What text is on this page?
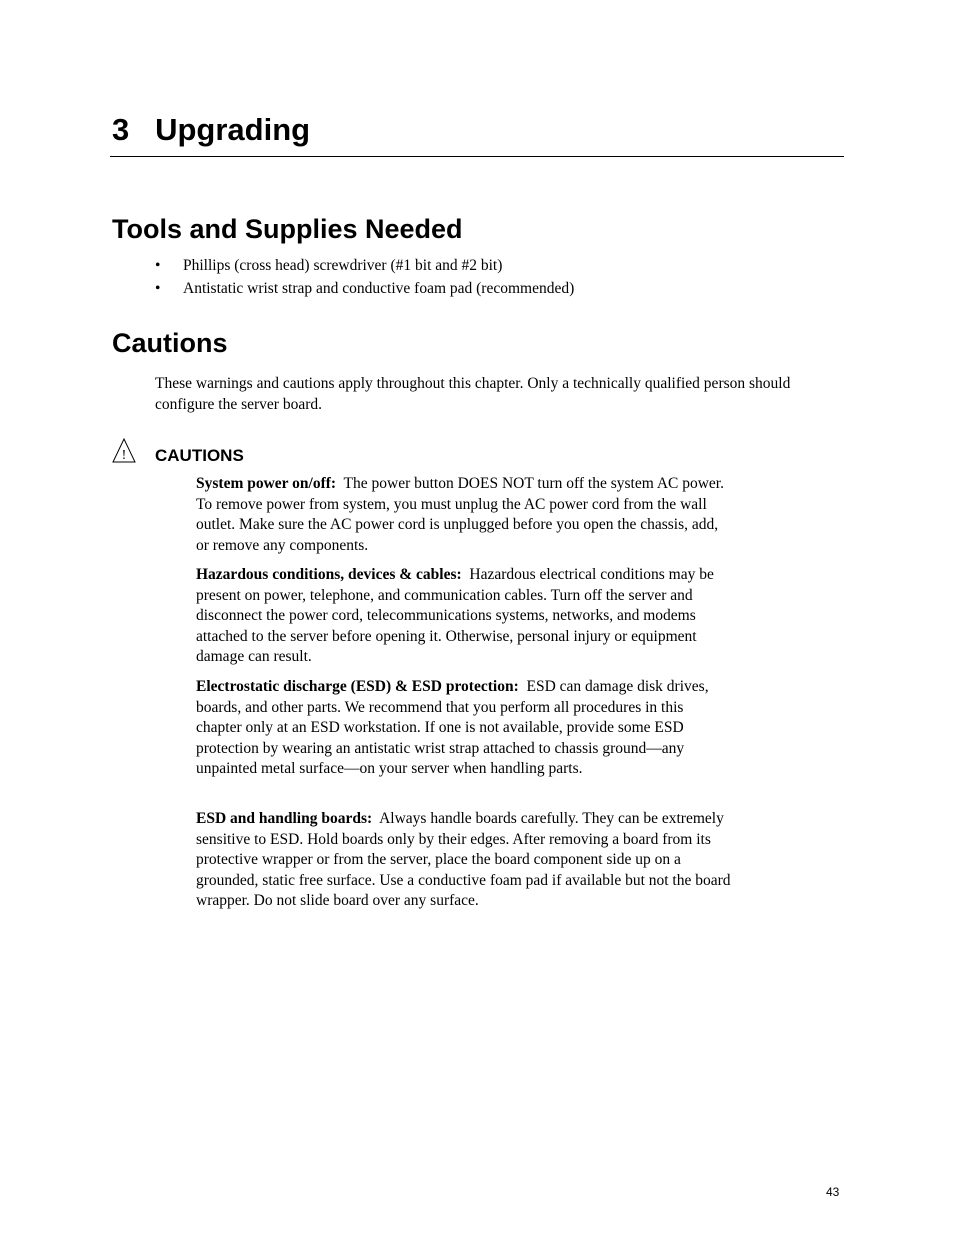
3 Upgrading
Tools and Supplies Needed
• Phillips (cross head) screwdriver (#1 bit and #2 bit)
• Antistatic wrist strap and conductive foam pad (recommended)
Cautions

These warnings and cautions apply throughout this chapter. Only a technically qualified person should configure the server board.

! CAUTIONS

System power on/off: The power button DOES NOT turn off the system AC power. To remove power from system, you must unplug the AC power cord from the wall outlet. Make sure the AC power cord is unplugged before you open the chassis, add, or remove any components.

Hazardous conditions, devices & cables: Hazardous electrical conditions may be present on power, telephone, and communication cables. Turn off the server and disconnect the power cord, telecommunications systems, networks, and modems attached to the server before opening it. Otherwise, personal injury or equipment damage can result.

Electrostatic discharge (ESD) & ESD protection: ESD can damage disk drives, boards, and other parts. We recommend that you perform all procedures in this chapter only at an ESD workstation. If one is not available, provide some ESD protection by wearing an antistatic wrist strap attached to chassis ground—any unpainted metal surface—on your server when handling parts.

ESD and handling boards: Always handle boards carefully. They can be extremely sensitive to ESD. Hold boards only by their edges. After removing a board from its protective wrapper or from the server, place the board component side up on a grounded, static free surface. Use a conductive foam pad if available but not the board wrapper. Do not slide board over any surface.

43
